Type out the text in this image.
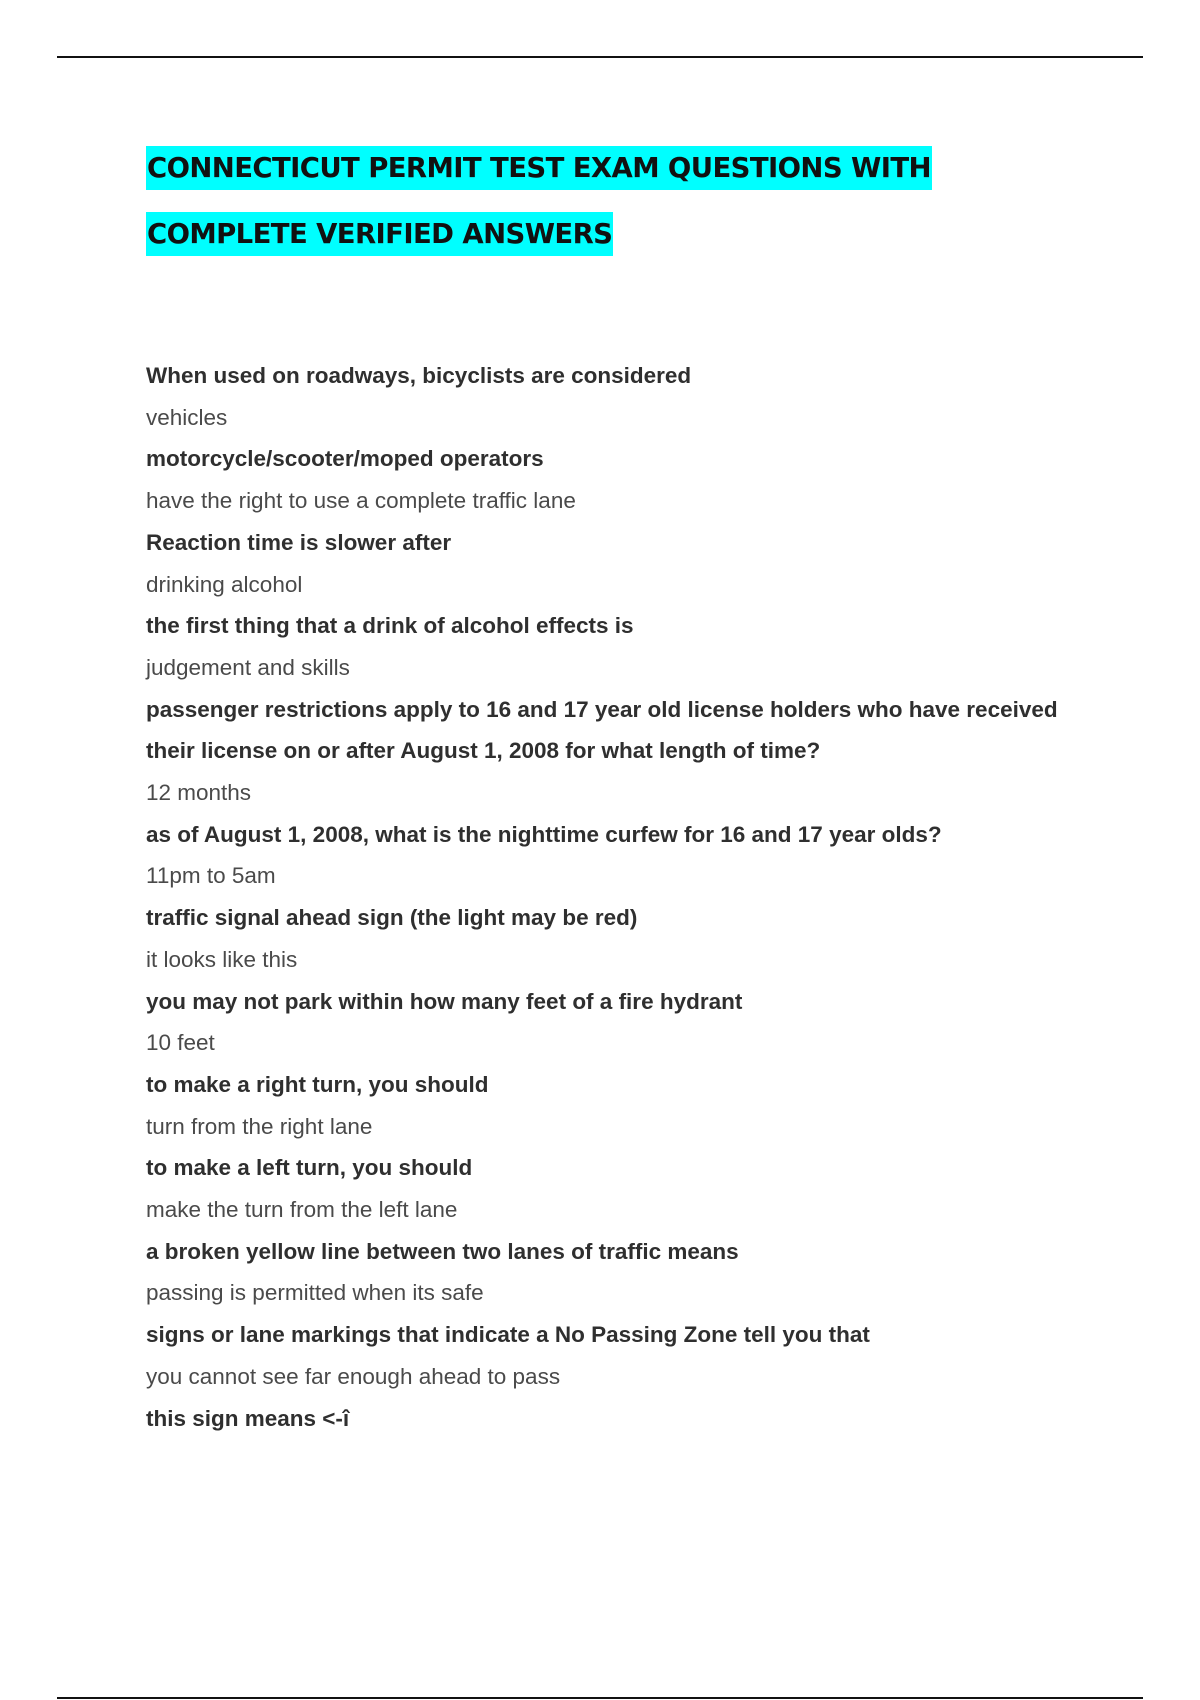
CONNECTICUT PERMIT TEST EXAM QUESTIONS WITH
COMPLETE VERIFIED ANSWERS
When used on roadways, bicyclists are considered
vehicles
motorcycle/scooter/moped operators
have the right to use a complete traffic lane
Reaction time is slower after
drinking alcohol
the first thing that a drink of alcohol effects is
judgement and skills
passenger restrictions apply to 16 and 17 year old license holders who have received their license on or after August 1, 2008 for what length of time?
12 months
as of August 1, 2008, what is the nighttime curfew for 16 and 17 year olds?
11pm to 5am
traffic signal ahead sign (the light may be red)
it looks like this
you may not park within how many feet of a fire hydrant
10 feet
to make a right turn, you should
turn from the right lane
to make a left turn, you should
make the turn from the left lane
a broken yellow line between two lanes of traffic means
passing is permitted when its safe
signs or lane markings that indicate a No Passing Zone tell you that
you cannot see far enough ahead to pass
this sign means <-î
